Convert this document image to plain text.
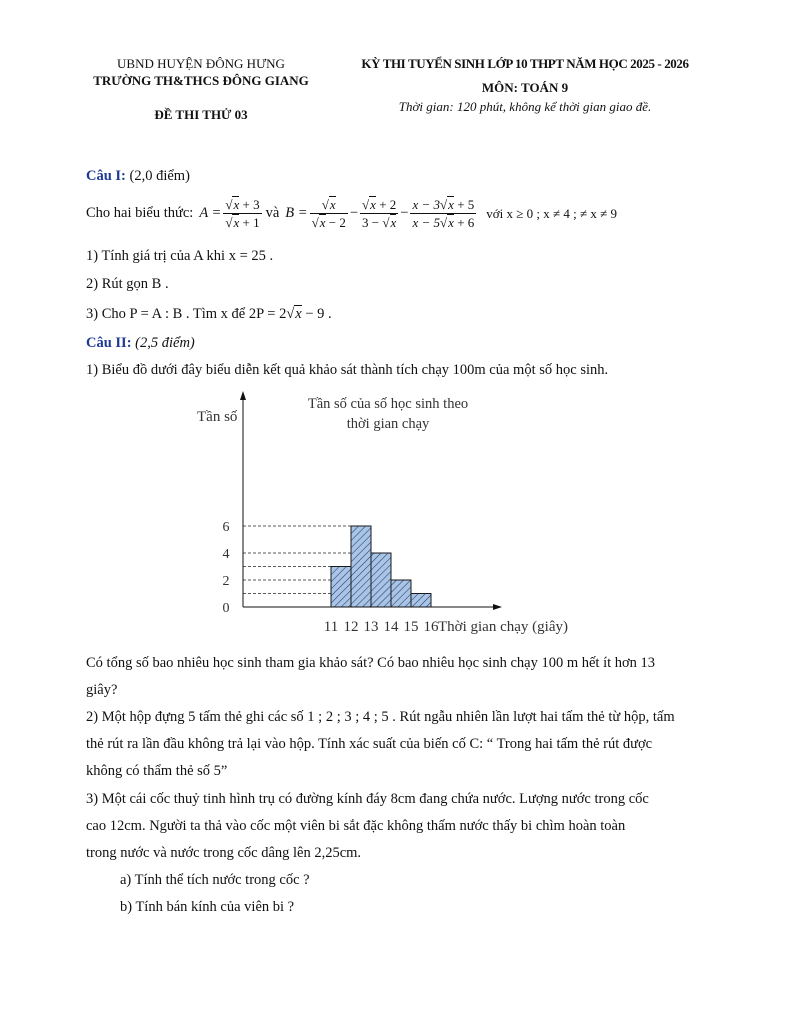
UBND HUYỆN ĐÔNG HƯNG
TRƯỜNG TH&THCS ĐÔNG GIANG
ĐỀ THI THỬ 03
KỲ THI TUYỂN SINH LỚP 10 THPT NĂM HỌC 2025 - 2026
MÔN: TOÁN 9
Thời gian: 120 phút, không kể thời gian giao đề.
Câu I: (2,0 điểm)
Cho hai biểu thức: $A = \frac{√x + 3}{√x + 1}$ và $B = \frac{√x}{√x - 2} - \frac{√x + 2}{3 - √x} - \frac{x - 3√x + 5}{x - 5√x + 6}$ với x ≥ 0 ; x ≠ 4 ; ≠ x ≠ 9
1) Tính giá trị của A khi x = 25 .
2) Rút gọn B .
3) Cho P = A : B . Tìm x để 2P = 2√x − 9 .
Câu II: (2,5 điểm)
1) Biểu đồ dưới đây biểu diễn kết quả khảo sát thành tích chạy 100m của một số học sinh.
0
2
4
6
11 12 13 14 15 16
Tần số
Thời gian chạy (giây)
Tần số của số học sinh theo
thời gian chạy
Có tổng số bao nhiêu học sinh tham gia khảo sát? Có bao nhiêu học sinh chạy 100 m hết ít hơn 13
giây?
2) Một hộp đựng 5 tấm thẻ ghi các số 1 ; 2 ; 3 ; 4 ; 5 . Rút ngẫu nhiên lần lượt hai tấm thẻ từ hộp, tấm
thẻ rút ra lần đầu không trả lại vào hộp. Tính xác suất của biến cố C: “ Trong hai tấm thẻ rút được
không có thẩm thẻ số 5”
3) Một cái cốc thuỷ tinh hình trụ có đường kính đáy 8cm đang chứa nước. Lượng nước trong cốc
cao 12cm. Người ta thả vào cốc một viên bi sắt đặc không thấm nước thấy bi chìm hoàn toàn
trong nước và nước trong cốc dâng lên 2,25cm.
a) Tính thể tích nước trong cốc ?
b) Tính bán kính của viên bi ?
